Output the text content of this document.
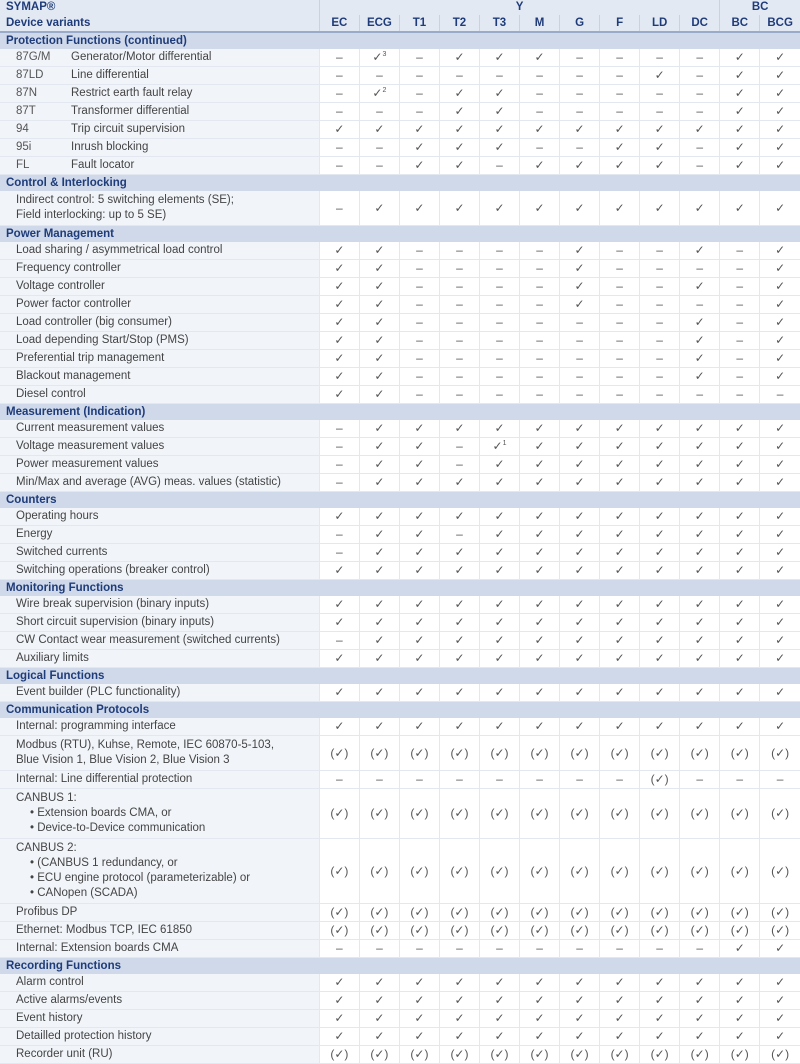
SYMAP®	Y										BC	
Device variants	EC	ECG	T1	T2	T3	M	G	F	LD	DC	BC	BCG
Protection Functions (continued)												
87G/M Generator/Motor differential	–	✓$^3$	–	✓	✓	✓	–	–	–	–	✓	✓
87LD Line differential	–	–	–	–	–	–	–	–	✓	–	✓	✓
87N Restrict earth fault relay	–	✓$^2$	–	✓	✓	–	–	–	–	–	✓	✓
87T Transformer differential	–	–	–	✓	✓	–	–	–	–	–	✓	✓
94 Trip circuit supervision	✓	✓	✓	✓	✓	✓	✓	✓	✓	✓	✓	✓
95i Inrush blocking	–	–	✓	✓	✓	–	–	✓	✓	–	✓	✓
FL Fault locator	–	–	✓	✓	–	✓	✓	✓	✓	–	✓	✓
Control & Interlocking												

Indirect control: 5 switching elements (SE);
Field interlocking: up to 5 SE)	–	✓	✓	✓	✓	✓	✓	✓	✓	✓	✓	✓
Power Management												

Load sharing / asymmetrical load control	✓	✓	–	–	–	–	✓	–	–	✓	–	✓

Frequency controller	✓	✓	–	–	–	–	✓	–	–	–	–	✓

Voltage controller	✓	✓	–	–	–	–	✓	–	–	✓	–	✓

Power factor controller	✓	✓	–	–	–	–	✓	–	–	–	–	✓

Load controller (big consumer)	✓	✓	–	–	–	–	–	–	–	✓	–	✓

Load depending Start/Stop (PMS)	✓	✓	–	–	–	–	–	–	–	✓	–	✓

Preferential trip management	✓	✓	–	–	–	–	–	–	–	✓	–	✓

Blackout management	✓	✓	–	–	–	–	–	–	–	✓	–	✓

Diesel control	✓	✓	–	–	–	–	–	–	–	–	–	–
Measurement (Indication)												

Current measurement values	–	✓	✓	✓	✓	✓	✓	✓	✓	✓	✓	✓

Voltage measurement values	–	✓	✓	–	✓$^1$	✓	✓	✓	✓	✓	✓	✓

Power measurement values	–	✓	✓	–	✓	✓	✓	✓	✓	✓	✓	✓

Min/Max and average (AVG) meas. values (statistic)	–	✓	✓	✓	✓	✓	✓	✓	✓	✓	✓	✓
Counters												

Operating hours	✓	✓	✓	✓	✓	✓	✓	✓	✓	✓	✓	✓

Energy	–	✓	✓	–	✓	✓	✓	✓	✓	✓	✓	✓

Switched currents	–	✓	✓	✓	✓	✓	✓	✓	✓	✓	✓	✓

Switching operations (breaker control)	✓	✓	✓	✓	✓	✓	✓	✓	✓	✓	✓	✓
Monitoring Functions												

Wire break supervision (binary inputs)	✓	✓	✓	✓	✓	✓	✓	✓	✓	✓	✓	✓

Short circuit supervision (binary inputs)	✓	✓	✓	✓	✓	✓	✓	✓	✓	✓	✓	✓

CW Contact wear measurement (switched currents)	–	✓	✓	✓	✓	✓	✓	✓	✓	✓	✓	✓

Auxiliary limits	✓	✓	✓	✓	✓	✓	✓	✓	✓	✓	✓	✓
Logical Functions												

Event builder (PLC functionality)	✓	✓	✓	✓	✓	✓	✓	✓	✓	✓	✓	✓
Communication Protocols												

Internal: programming interface	✓	✓	✓	✓	✓	✓	✓	✓	✓	✓	✓	✓

Modbus (RTU), Kuhse, Remote, IEC 60870-5-103,
Blue Vision 1, Blue Vision 2, Blue Vision 3	(✓)	(✓)	(✓)	(✓)	(✓)	(✓)	(✓)	(✓)	(✓)	(✓)	(✓)	(✓)

Internal: Line differential protection	–	–	–	–	–	–	–	–	(✓)	–	–	–

CANBUS 1:
• Extension boards CMA, or
• Device-to-Device communication	(✓)	(✓)	(✓)	(✓)	(✓)	(✓)	(✓)	(✓)	(✓)	(✓)	(✓)	(✓)

CANBUS 2:
• (CANBUS 1 redundancy, or
• ECU engine protocol (parameterizable) or
• CANopen (SCADA)	(✓)	(✓)	(✓)	(✓)	(✓)	(✓)	(✓)	(✓)	(✓)	(✓)	(✓)	(✓)

Profibus DP	(✓)	(✓)	(✓)	(✓)	(✓)	(✓)	(✓)	(✓)	(✓)	(✓)	(✓)	(✓)

Ethernet: Modbus TCP, IEC 61850	(✓)	(✓)	(✓)	(✓)	(✓)	(✓)	(✓)	(✓)	(✓)	(✓)	(✓)	(✓)

Internal: Extension boards CMA	–	–	–	–	–	–	–	–	–	–	✓	✓
Recording Functions												

Alarm control	✓	✓	✓	✓	✓	✓	✓	✓	✓	✓	✓	✓

Active alarms/events	✓	✓	✓	✓	✓	✓	✓	✓	✓	✓	✓	✓

Event history	✓	✓	✓	✓	✓	✓	✓	✓	✓	✓	✓	✓

Detailled protection history	✓	✓	✓	✓	✓	✓	✓	✓	✓	✓	✓	✓

Recorder unit (RU)	(✓)	(✓)	(✓)	(✓)	(✓)	(✓)	(✓)	(✓)	(✓)	(✓)	(✓)	(✓)
